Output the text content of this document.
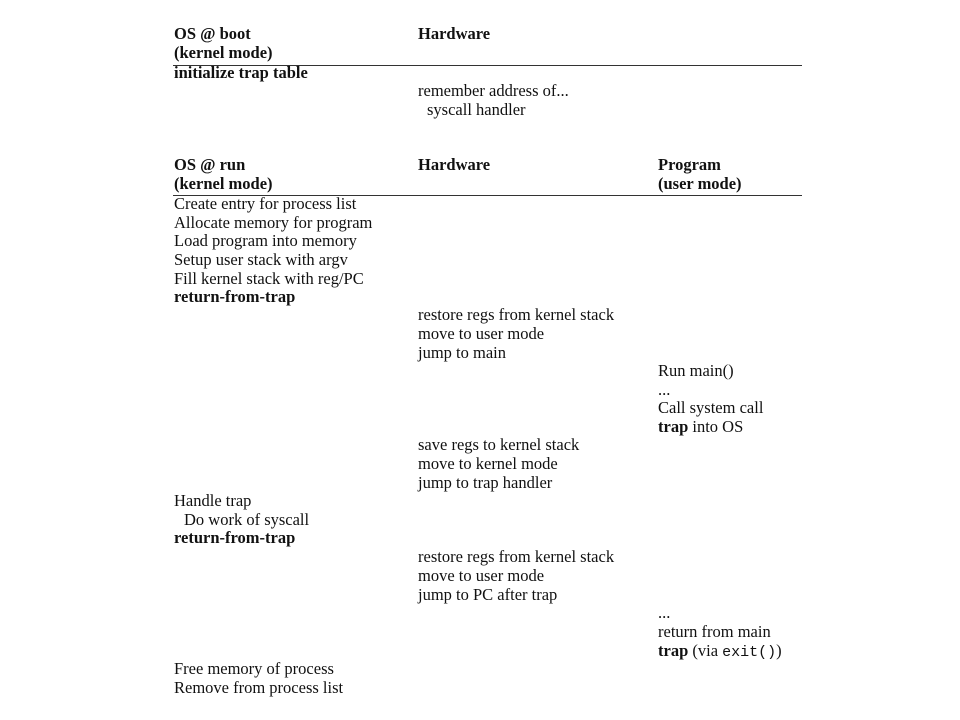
OS @ boot
(kernel mode)
Hardware
initialize trap table
remember address of...
syscall handler
OS @ run
(kernel mode)
Hardware	Program
(user mode)
Create entry for process list
Allocate memory for program
Load program into memory
Setup user stack with argv
Fill kernel stack with reg/PC
return-from-trap
restore regs from kernel stack
move to user mode
jump to main
Run main()
...
Call system call
trap into OS
save regs to kernel stack
move to kernel mode
jump to trap handler
Handle trap
Do work of syscall
return-from-trap
restore regs from kernel stack
move to user mode
jump to PC after trap
...
return from main
trap (via exit())
Free memory of process
Remove from process list
